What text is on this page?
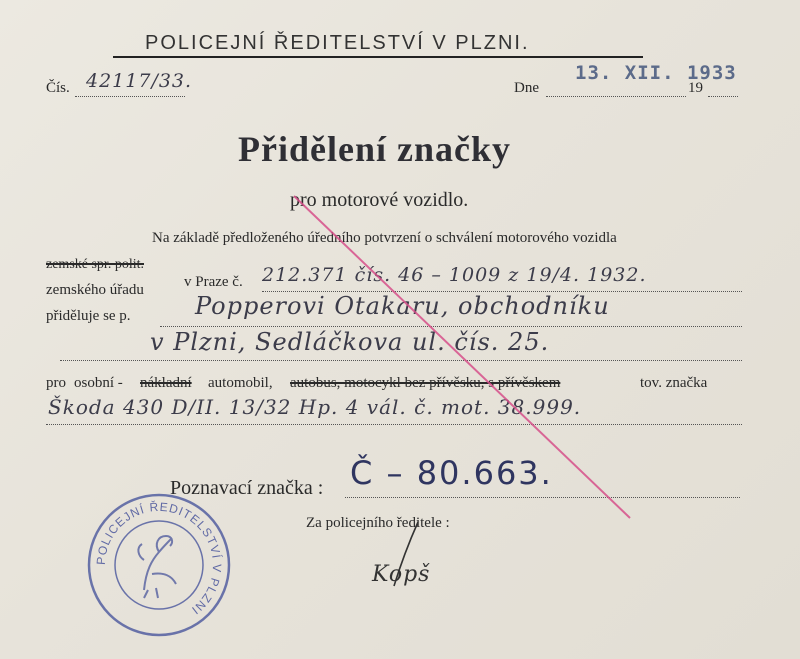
POLICEJNÍ ŘEDITELSTVÍ V PLZNI.
Čís. 42117/33.	Dne
13. XII. 1933
19
Přidělení značky
pro motorové vozidlo.
Na základě předloženého úředního potvrzení o schválení motorového vozidla
zemské spr. polit.
v Praze č. 212.371 čís. 46 – 1009 z 19/4. 1932.
zemského úřadu
přiděluje se p.	Popperovi Otakaru, obchodníku
v Plzni, Sedláčkova ul. čís. 25.
pro osobní - nákladní automobil, autobus, motocykl bez přívěsku, s přívěskem	tov. značka
Škoda 430 D/II. 13/32 Hp. 4 vál. č. mot. 38.999.
Poznavací značka : Č – 80.663.
Za policejního ředitele :
Kopš
POLICEJNÍ ŘEDITELSTVÍ V PLZNI
